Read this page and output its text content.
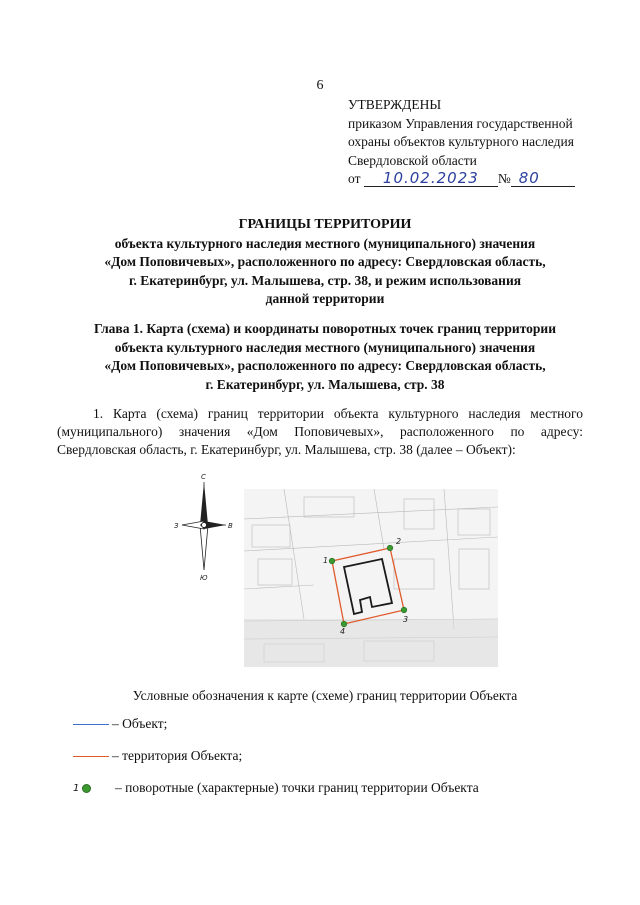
6
УТВЕРЖДЕНЫ
приказом Управления государственной
охраны объектов культурного наследия
Свердловской области
от 10.02.2023 № 80
ГРАНИЦЫ ТЕРРИТОРИИ
объекта культурного наследия местного (муниципального) значения
«Дом Поповичевых», расположенного по адресу: Свердловская область,
г. Екатеринбург, ул. Малышева, стр. 38, и режим использования
данной территории
Глава 1. Карта (схема) и координаты поворотных точек границ территории
объекта культурного наследия местного (муниципального) значения
«Дом Поповичевых», расположенного по адресу: Свердловская область,
г. Екатеринбург, ул. Малышева, стр. 38
1. Карта (схема) границ территории объекта культурного наследия местного (муниципального) значения «Дом Поповичевых», расположенного по адресу: Свердловская область, г. Екатеринбург, ул. Малышева, стр. 38 (далее – Объект):
С
Ю
З	В
1
2
3
4
Условные обозначения к карте (схеме) границ территории Объекта
– Объект;
– территория Объекта;
1	– поворотные (характерные) точки границ территории Объекта
